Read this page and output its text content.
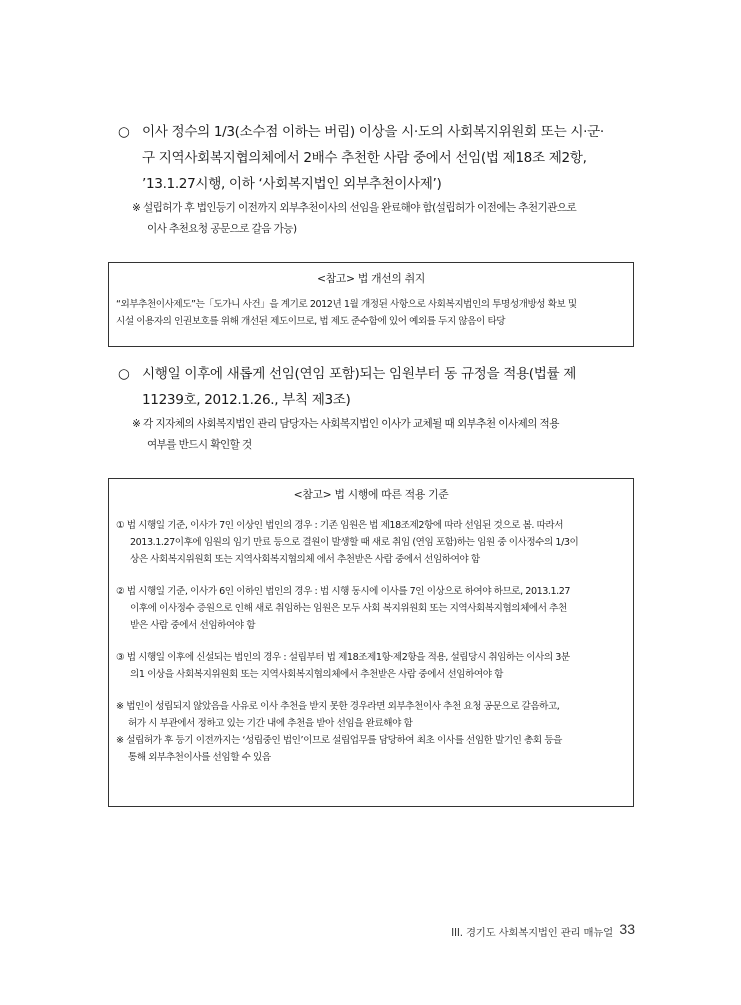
○ 이사 정수의 1/3(소수점 이하는 버림) 이상을 시·도의 사회복지위원회 또는 시·군·
구 지역사회복지협의체에서 2배수 추천한 사람 중에서 선임(법 제18조 제2항,
’13.1.27시행, 이하 ‘사회복지법인 외부추천이사제’)
※ 설립허가 후 법인등기 이전까지 외부추천이사의 선임을 완료해야 함(설립허가 이전에는 추천기관으로
이사 추천요청 공문으로 갈음 가능)
<참고> 법 개선의 취지
“외부추천이사제도”는「도가니 사건」을 계기로 2012년 1월 개정된 사항으로 사회복지법인의 투명성개방성 확보 및
시설 이용자의 인권보호를 위해 개선된 제도이므로, 법 제도 준수함에 있어 예외를 두지 않음이 타당
○ 시행일 이후에 새롭게 선임(연임 포함)되는 임원부터 동 규정을 적용(법률 제
11239호, 2012.1.26., 부칙 제3조)
※ 각 지자체의 사회복지법인 관리 담당자는 사회복지법인 이사가 교체될 때 외부추천 이사제의 적용
여부를 반드시 확인할 것
<참고> 법 시행에 따른 적용 기준
① 법 시행일 기준, 이사가 7인 이상인 법인의 경우 : 기존 임원은 법 제18조제2항에 따라 선임된 것으로 봄. 따라서
2013.1.27이후에 임원의 임기 만료 등으로 결원이 발생할 때 새로 취임 (연임 포함)하는 임원 중 이사정수의 1/3이
상은 사회복지위원회 또는 지역사회복지협의체 에서 추천받은 사람 중에서 선임하여야 함
② 법 시행일 기준, 이사가 6인 이하인 법인의 경우 : 법 시행 동시에 이사를 7인 이상으로 하여야 하므로, 2013.1.27
이후에 이사정수 증원으로 인해 새로 취임하는 임원은 모두 사회 복지위원회 또는 지역사회복지협의체에서 추천
받은 사람 중에서 선임하여야 함
③ 법 시행일 이후에 신설되는 법인의 경우 : 설립부터 법 제18조제1항·제2항을 적용, 설립당시 취임하는 이사의 3분
의1 이상을 사회복지위원회 또는 지역사회복지협의체에서 추천받은 사람 중에서 선임하여야 함
※ 법인이 성립되지 않았음을 사유로 이사 추천을 받지 못한 경우라면 외부추천이사 추천 요청 공문으로 갈음하고,
허가 시 부관에서 정하고 있는 기간 내에 추천을 받아 선임을 완료해야 함
※ 설립허가 후 등기 이전까지는 ‘성립중인 법인’이므로 설립업무를 담당하여 최초 이사를 선임한 발기인 총회 등을
통해 외부추천이사를 선임할 수 있음
III. 경기도 사회복지법인 관리 매뉴얼 33
